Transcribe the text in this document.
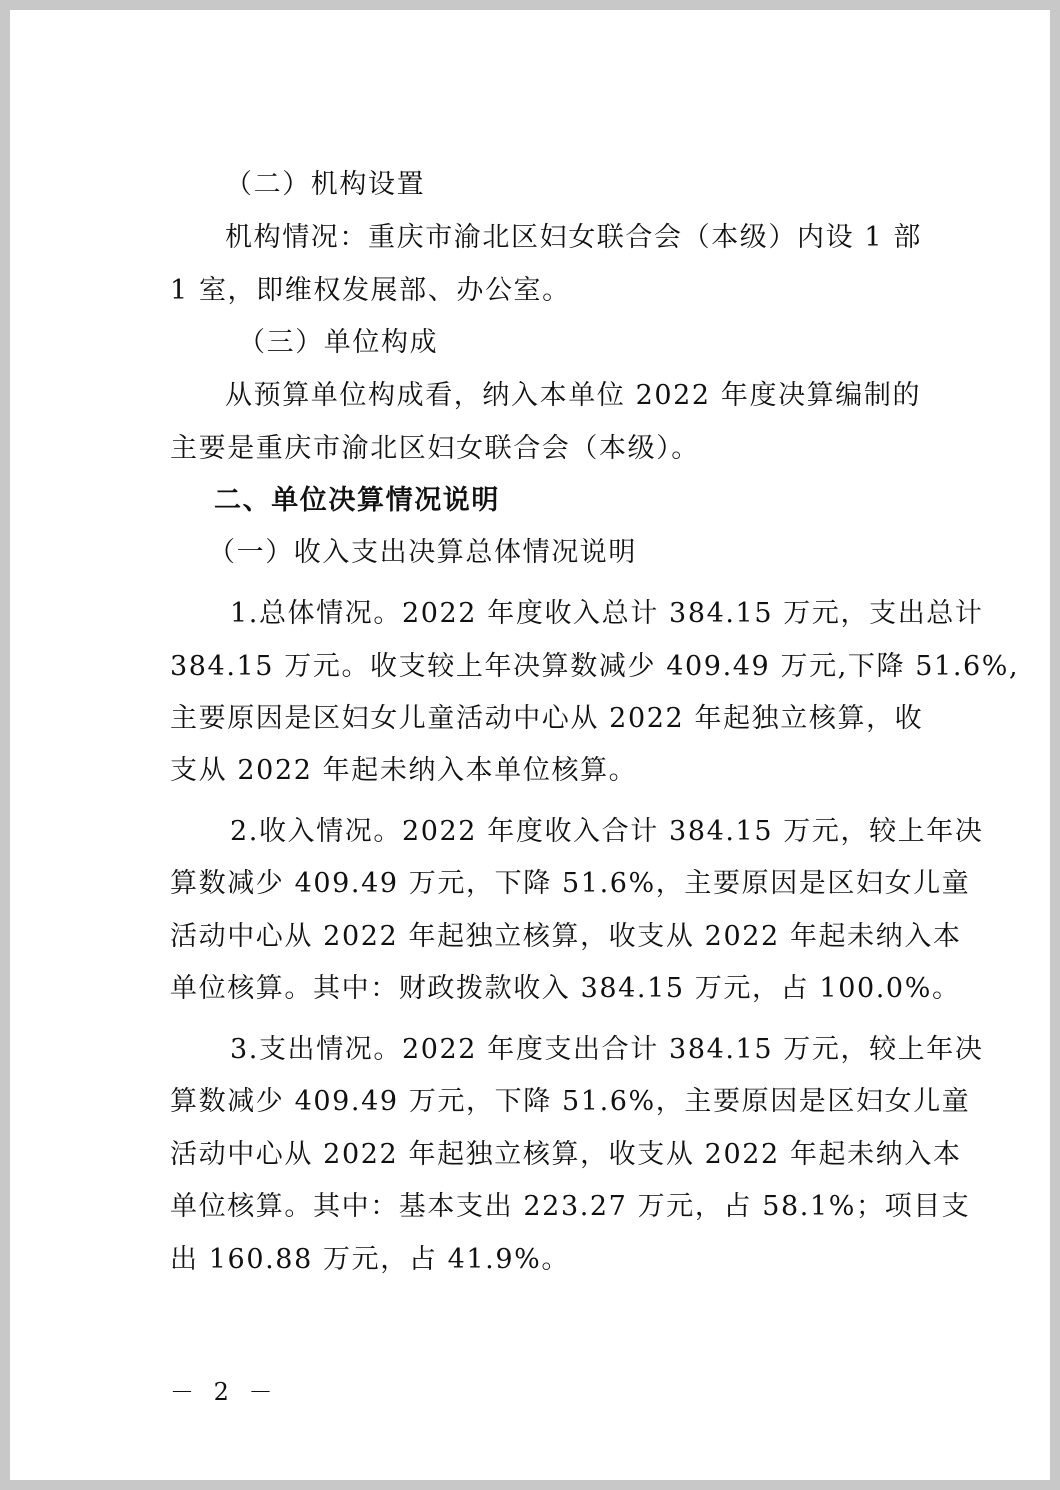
（二）机构设置
机构情况：重庆市渝北区妇女联合会（本级）内设 1 部
1 室，即维权发展部、办公室。
（三）单位构成
从预算单位构成看，纳入本单位 2022 年度决算编制的
主要是重庆市渝北区妇女联合会（本级）。
二、单位决算情况说明
（一）收入支出决算总体情况说明
1.总体情况。2022 年度收入总计 384.15 万元，支出总计
384.15 万元。收支较上年决算数减少 409.49 万元,下降 51.6%,
主要原因是区妇女儿童活动中心从 2022 年起独立核算，收
支从 2022 年起未纳入本单位核算。
2.收入情况。2022 年度收入合计 384.15 万元，较上年决
算数减少 409.49 万元，下降 51.6%，主要原因是区妇女儿童
活动中心从 2022 年起独立核算，收支从 2022 年起未纳入本
单位核算。其中：财政拨款收入 384.15 万元，占 100.0%。
3.支出情况。2022 年度支出合计 384.15 万元，较上年决
算数减少 409.49 万元，下降 51.6%，主要原因是区妇女儿童
活动中心从 2022 年起独立核算，收支从 2022 年起未纳入本
单位核算。其中：基本支出 223.27 万元，占 58.1%；项目支
出 160.88 万元，占 41.9%。
－ 2 －
